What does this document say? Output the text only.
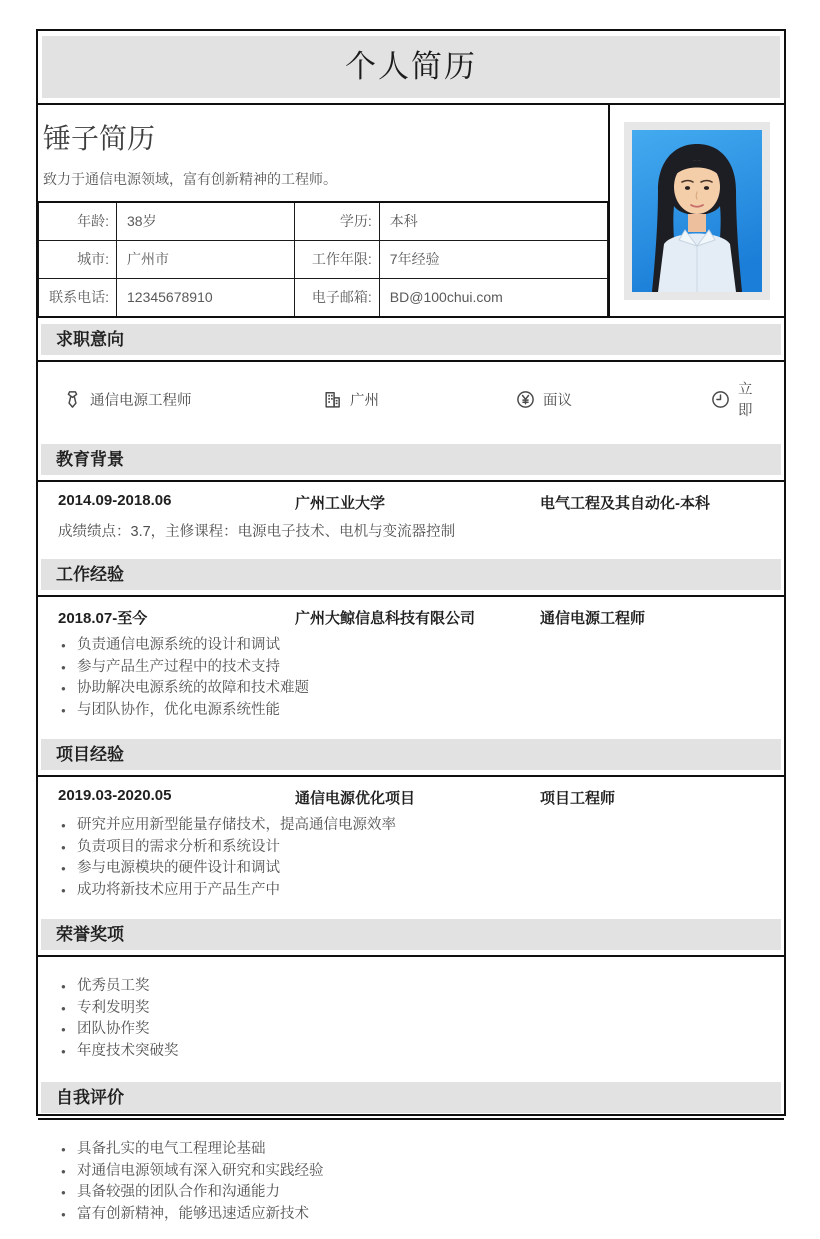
个人简历
锤子简历
致力于通信电源领域，富有创新精神的工程师。
年龄:	38岁	学历:	本科
城市:	广州市	工作年限:	7年经验
联系电话:	12345678910	电子邮箱:	BD@100chui.com
求职意向
通信电源工程师	广州	面议
立即
教育背景
2014.09-2018.06	广州工业大学	电气工程及其自动化-本科
成绩绩点：3.7，主修课程：电源电子技术、电机与变流器控制
工作经验
2018.07-至今	广州大鲸信息科技有限公司	通信电源工程师
● 负责通信电源系统的设计和调试
● 参与产品生产过程中的技术支持
● 协助解决电源系统的故障和技术难题
● 与团队协作，优化电源系统性能
项目经验
2019.03-2020.05	通信电源优化项目	项目工程师
● 研究并应用新型能量存储技术，提高通信电源效率
● 负责项目的需求分析和系统设计
● 参与电源模块的硬件设计和调试
● 成功将新技术应用于产品生产中
荣誉奖项
● 优秀员工奖
● 专利发明奖
● 团队协作奖
● 年度技术突破奖
自我评价
● 具备扎实的电气工程理论基础
● 对通信电源领域有深入研究和实践经验
● 具备较强的团队合作和沟通能力
● 富有创新精神，能够迅速适应新技术
